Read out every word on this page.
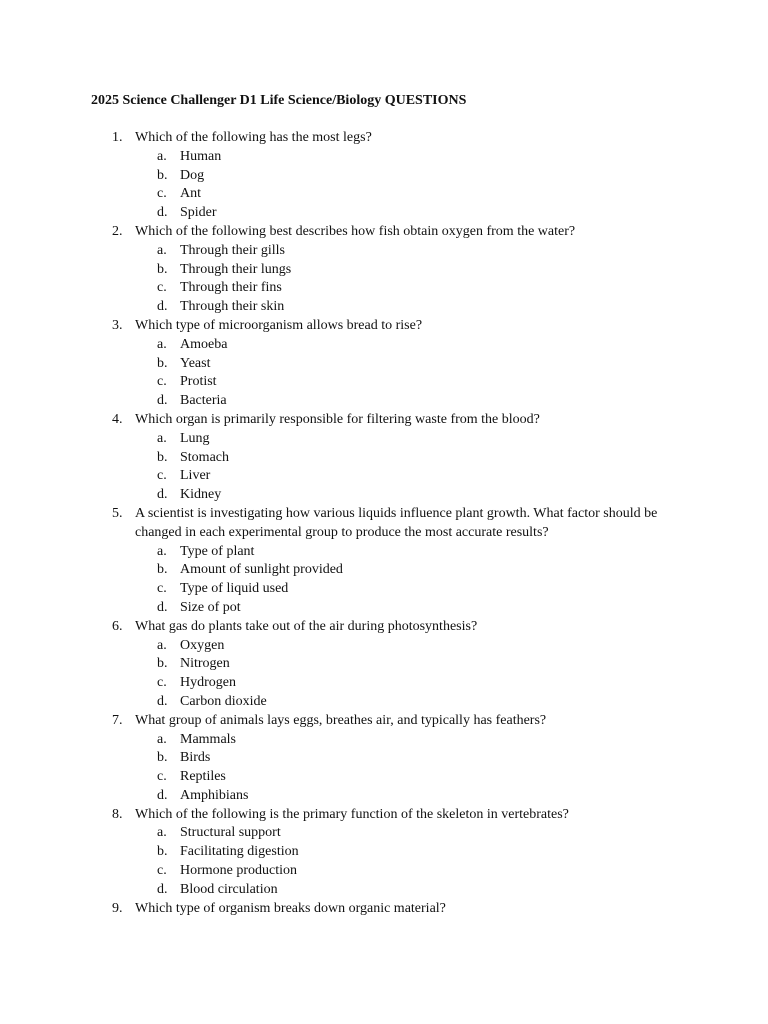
2025 Science Challenger D1 Life Science/Biology QUESTIONS
1. Which of the following has the most legs?
a. Human
b. Dog
c. Ant
d. Spider
2. Which of the following best describes how fish obtain oxygen from the water?
a. Through their gills
b. Through their lungs
c. Through their fins
d. Through their skin
3. Which type of microorganism allows bread to rise?
a. Amoeba
b. Yeast
c. Protist
d. Bacteria
4. Which organ is primarily responsible for filtering waste from the blood?
a. Lung
b. Stomach
c. Liver
d. Kidney
5. A scientist is investigating how various liquids influence plant growth. What factor should be changed in each experimental group to produce the most accurate results?
a. Type of plant
b. Amount of sunlight provided
c. Type of liquid used
d. Size of pot
6. What gas do plants take out of the air during photosynthesis?
a. Oxygen
b. Nitrogen
c. Hydrogen
d. Carbon dioxide
7. What group of animals lays eggs, breathes air, and typically has feathers?
a. Mammals
b. Birds
c. Reptiles
d. Amphibians
8. Which of the following is the primary function of the skeleton in vertebrates?
a. Structural support
b. Facilitating digestion
c. Hormone production
d. Blood circulation
9. Which type of organism breaks down organic material?
